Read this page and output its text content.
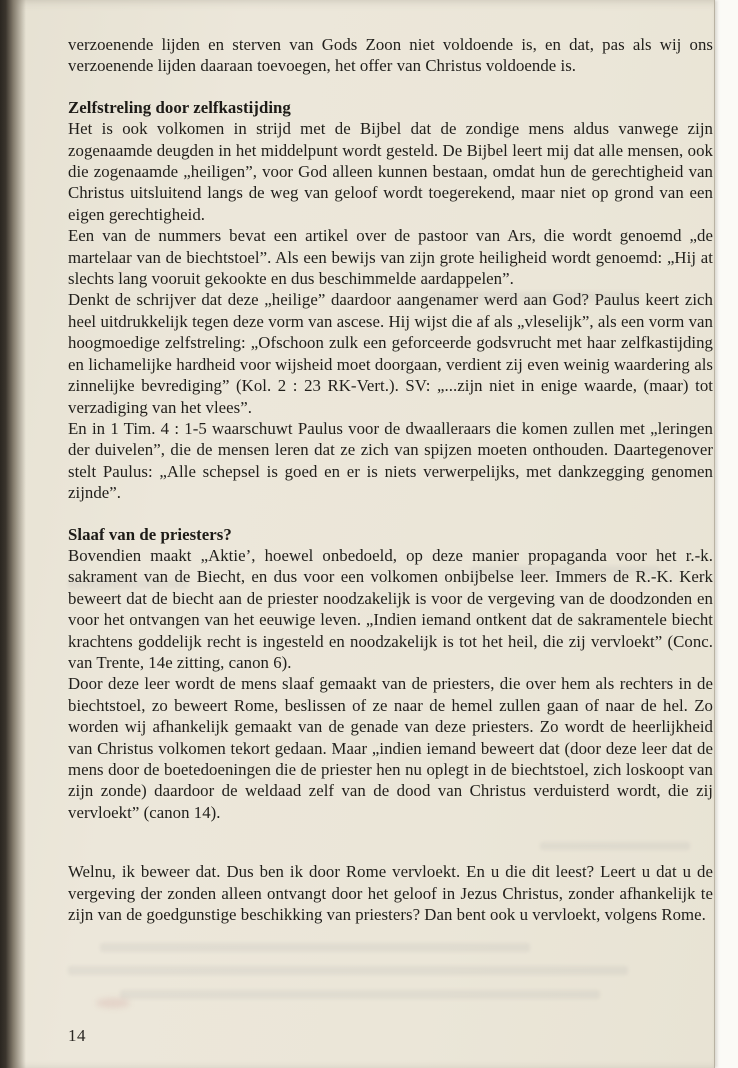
verzoenende lijden en sterven van Gods Zoon niet voldoende is, en dat, pas als wij ons verzoenende lijden daaraan toevoegen, het offer van Christus voldoende is.

Zelfstreling door zelfkastijding

Het is ook volkomen in strijd met de Bijbel dat de zondige mens aldus vanwege zijn zogenaamde deugden in het middelpunt wordt gesteld. De Bijbel leert mij dat alle mensen, ook die zogenaamde „heiligen”, voor God alleen kunnen bestaan, omdat hun de gerechtigheid van Christus uitsluitend langs de weg van geloof wordt toegerekend, maar niet op grond van een eigen gerechtigheid.

Een van de nummers bevat een artikel over de pastoor van Ars, die wordt genoemd „de martelaar van de biechtstoel”. Als een bewijs van zijn grote heiligheid wordt genoemd: „Hij at slechts lang vooruit gekookte en dus beschimmelde aardappelen”.

Denkt de schrijver dat deze „heilige” daardoor aangenamer werd aan God? Paulus keert zich heel uitdrukkelijk tegen deze vorm van ascese. Hij wijst die af als „vleselijk”, als een vorm van hoogmoedige zelfstreling: „Ofschoon zulk een geforceerde godsvrucht met haar zelfkastijding en lichamelijke hardheid voor wijsheid moet doorgaan, verdient zij even weinig waardering als zinnelijke bevrediging” (Kol. 2 : 23 RK-Vert.). SV: „...zijn niet in enige waarde, (maar) tot verzadiging van het vlees”.

En in 1 Tim. 4 : 1-5 waarschuwt Paulus voor de dwaalleraars die komen zullen met „leringen der duivelen”, die de mensen leren dat ze zich van spijzen moeten onthouden. Daartegenover stelt Paulus: „Alle schepsel is goed en er is niets verwerpelijks, met dankzegging genomen zijnde”.

Slaaf van de priesters?

Bovendien maakt „Aktie’, hoewel onbedoeld, op deze manier propaganda voor het r.-k. sakrament van de Biecht, en dus voor een volkomen onbijbelse leer. Immers de R.-K. Kerk beweert dat de biecht aan de priester noodzakelijk is voor de vergeving van de doodzonden en voor het ontvangen van het eeuwige leven. „Indien iemand ontkent dat de sakramentele biecht krachtens goddelijk recht is ingesteld en noodzakelijk is tot het heil, die zij vervloekt” (Conc. van Trente, 14e zitting, canon 6).

Door deze leer wordt de mens slaaf gemaakt van de priesters, die over hem als rechters in de biechtstoel, zo beweert Rome, beslissen of ze naar de hemel zullen gaan of naar de hel. Zo worden wij afhankelijk gemaakt van de genade van deze priesters. Zo wordt de heerlijkheid van Christus volkomen tekort gedaan. Maar „indien iemand beweert dat (door deze leer dat de mens door de boetedoeningen die de priester hen nu oplegt in de biechtstoel, zich loskoopt van zijn zonde) daardoor de weldaad zelf van de dood van Christus verduisterd wordt, die zij vervloekt” (canon 14).

Welnu, ik beweer dat. Dus ben ik door Rome vervloekt. En u die dit leest? Leert u dat u de vergeving der zonden alleen ontvangt door het geloof in Jezus Christus, zonder afhankelijk te zijn van de goedgunstige beschikking van priesters? Dan bent ook u vervloekt, volgens Rome.

14
